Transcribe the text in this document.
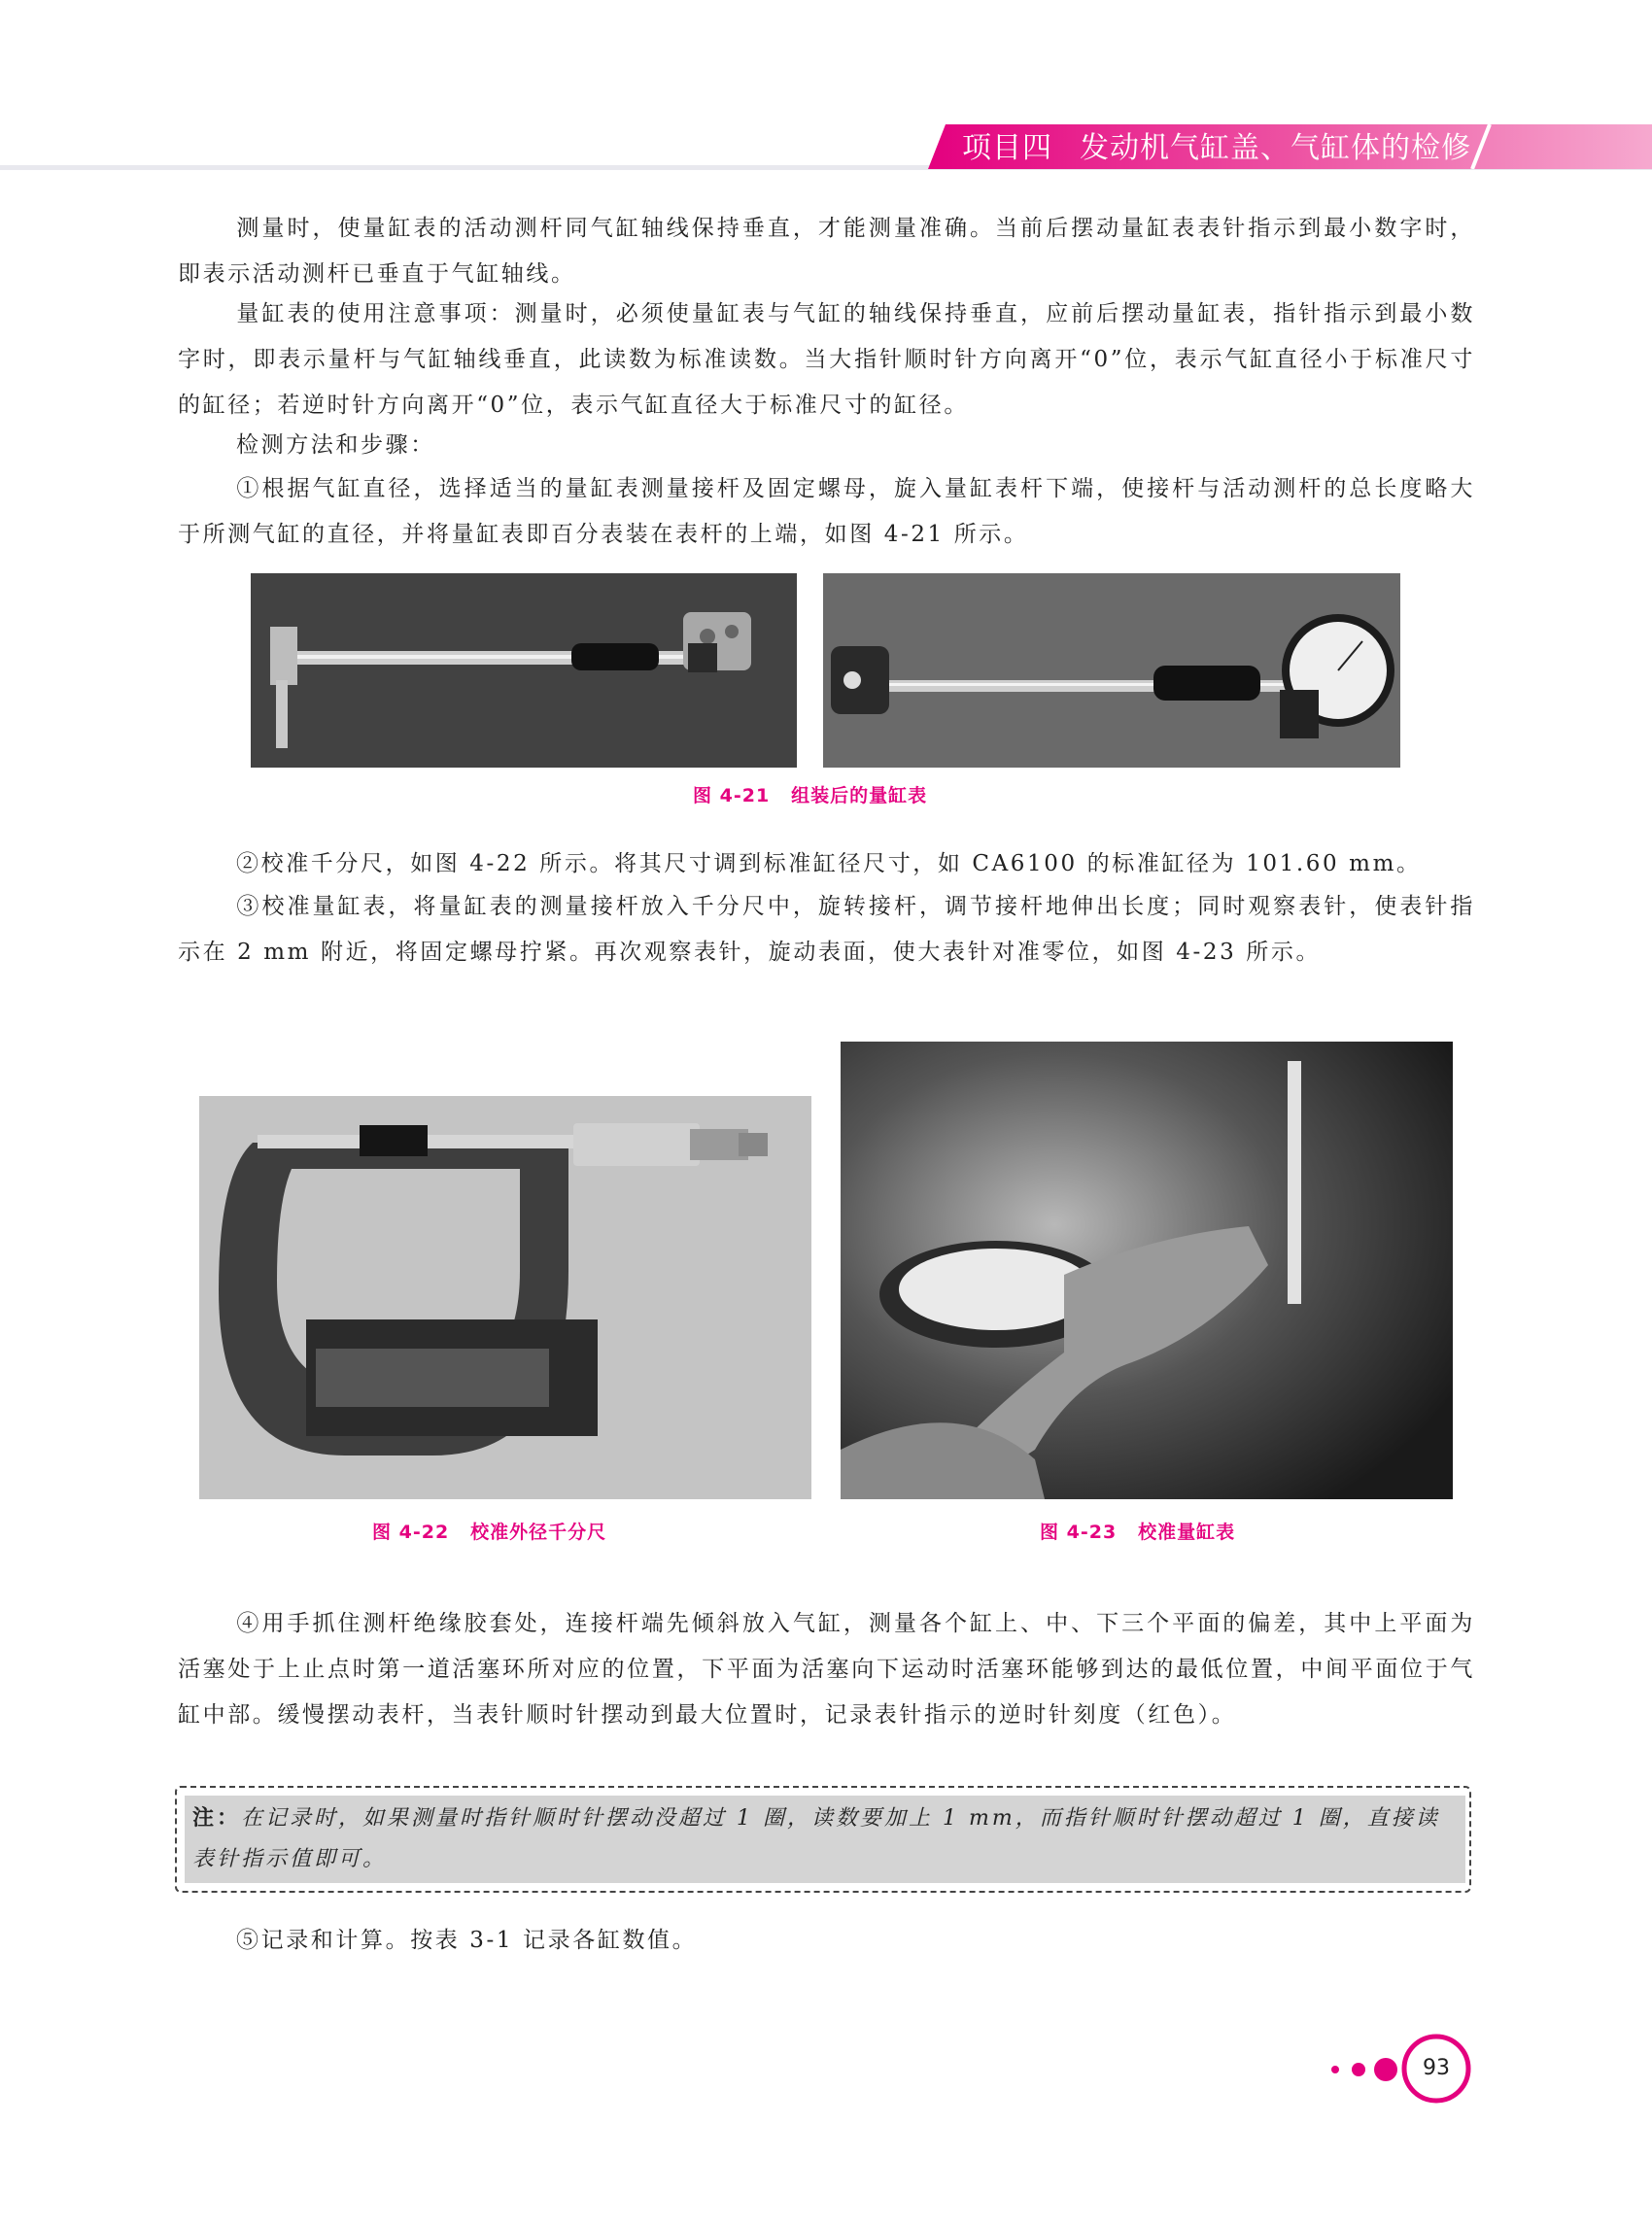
项目四 发动机气缸盖、气缸体的检修
测量时，使量缸表的活动测杆同气缸轴线保持垂直，才能测量准确。当前后摆动量缸表表针指示到最小数字时，即表示活动测杆已垂直于气缸轴线。
量缸表的使用注意事项：测量时，必须使量缸表与气缸的轴线保持垂直，应前后摆动量缸表，指针指示到最小数字时，即表示量杆与气缸轴线垂直，此读数为标准读数。当大指针顺时针方向离开“0”位，表示气缸直径小于标准尺寸的缸径；若逆时针方向离开“0”位，表示气缸直径大于标准尺寸的缸径。
检测方法和步骤：
①根据气缸直径，选择适当的量缸表测量接杆及固定螺母，旋入量缸表杆下端，使接杆与活动测杆的总长度略大于所测气缸的直径，并将量缸表即百分表装在表杆的上端，如图 4-21 所示。
图 4-21 组装后的量缸表
②校准千分尺，如图 4-22 所示。将其尺寸调到标准缸径尺寸，如 CA6100 的标准缸径为 101.60 mm。
③校准量缸表，将量缸表的测量接杆放入千分尺中，旋转接杆，调节接杆地伸出长度；同时观察表针，使表针指示在 2 mm 附近，将固定螺母拧紧。再次观察表针，旋动表面，使大表针对准零位，如图 4-23 所示。
图 4-22 校准外径千分尺	图 4-23 校准量缸表
④用手抓住测杆绝缘胶套处，连接杆端先倾斜放入气缸，测量各个缸上、中、下三个平面的偏差，其中上平面为活塞处于上止点时第一道活塞环所对应的位置，下平面为活塞向下运动时活塞环能够到达的最低位置，中间平面位于气缸中部。缓慢摆动表杆，当表针顺时针摆动到最大位置时，记录表针指示的逆时针刻度（红色）。
注：在记录时，如果测量时指针顺时针摆动没超过 1 圈，读数要加上 1 mm，而指针顺时针摆动超过 1 圈，直接读表针指示值即可。
⑤记录和计算。按表 3-1 记录各缸数值。
93
